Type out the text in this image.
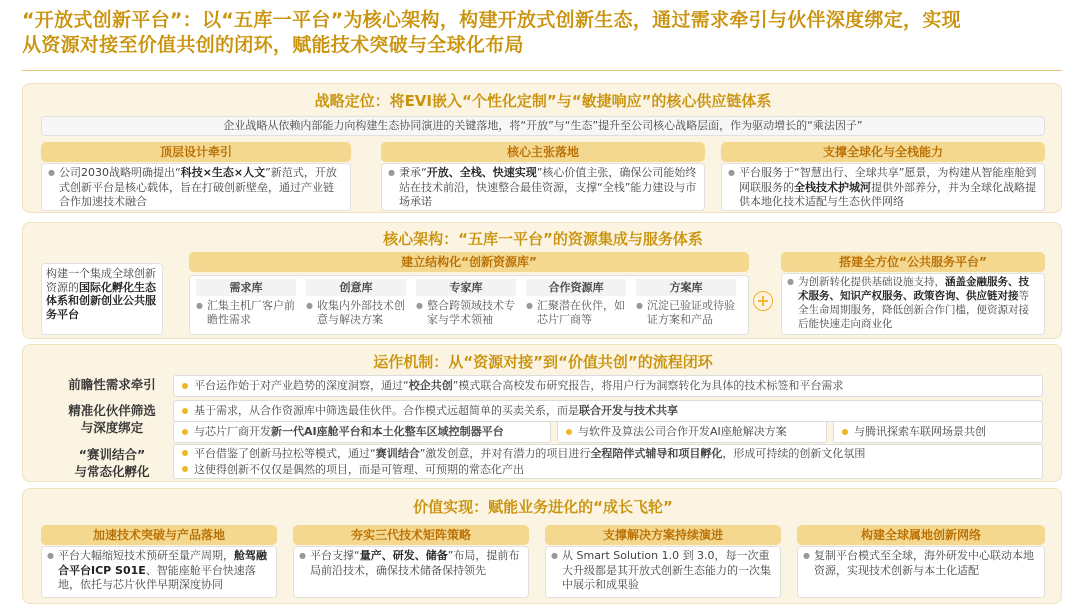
“开放式创新平台”：以“五库一平台”为核心架构，构建开放式创新生态，通过需求牵引与伙伴深度绑定，实现
从资源对接至价值共创的闭环，赋能技术突破与全球化布局
战略定位：将EVI嵌入“个性化定制”与“敏捷响应”的核心供应链体系
企业战略从依赖内部能力向构建生态协同演进的关键落地，将“开放”与“生态”提升至公司核心战略层面，作为驱动增长的“乘法因子”
顶层设计牵引
● 公司2030战略明确提出“科技×生态×人文”新范式，开放式创新平台是核心载体，旨在打破创新壁垒，通过产业链合作加速技术融合
核心主张落地
● 秉承“开放、全栈、快速实现”核心价值主张，确保公司能始终站在技术前沿，快速整合最佳资源，支撑“全栈”能力建设与市场承诺
支撑全球化与全栈能力
● 平台服务于“智慧出行、全球共享”愿景，为构建从智能座舱到网联服务的全栈技术护城河提供外部养分，并为全球化战略提供本地化技术适配与生态伙伴网络
核心架构：“五库一平台”的资源集成与服务体系
构建一个集成全球创新资源的国际化孵化生态体系和创新创业公共服务平台
建立结构化“创新资源库”
需求库
● 汇集主机厂客户前瞻性需求
创意库
● 收集内外部技术创意与解决方案
专家库
● 整合跨领域技术专家与学术领袖
合作资源库
● 汇聚潜在伙伴，如芯片厂商等
方案库
● 沉淀已验证或待验证方案和产品
+
搭建全方位“公共服务平台”
● 为创新转化提供基础设施支持，涵盖金融服务、技术服务、知识产权服务、政策咨询、供应链对接等全生命周期服务，降低创新合作门槛，便资源对接后能快速走向商业化
运作机制：从“资源对接”到“价值共创”的流程闭环
前瞻性需求牵引	平台运作始于对产业趋势的深度洞察，通过“校企共创”模式联合高校发布研究报告，将用户行为洞察转化为具体的技术标签和平台需求
精准化伙伴筛选
与深度绑定
基于需求，从合作资源库中筛选最佳伙伴。合作模式远超简单的买卖关系，而是联合开发与技术共享
与芯片厂商开发新一代AI座舱平台和本土化整车区域控制器平台	与软件及算法公司合作开发AI座舱解决方案	与腾讯探索车联网场景共创
“赛训结合”
与常态化孵化
平台借鉴了创新马拉松等模式，通过“赛训结合”激发创意，并对有潜力的项目进行全程陪伴式辅导和项目孵化，形成可持续的创新文化氛围
这使得创新不仅仅是偶然的项目，而是可管理、可预期的常态化产出
价值实现：赋能业务进化的“成长飞轮”
加速技术突破与产品落地
● 平台大幅缩短技术预研至量产周期，舱驾融合平台ICP S01E、智能座舱平台快速落地，依托与芯片伙伴早期深度协同
夯实三代技术矩阵策略
● 平台支撑“量产、研发、储备”布局，提前布局前沿技术，确保技术储备保持领先
支撑解决方案持续演进
● 从 Smart Solution 1.0 到 3.0，每一次重大升级都是其开放式创新生态能力的一次集中展示和成果验
构建全球属地创新网络
● 复制平台模式至全球，海外研发中心联动本地资源，实现技术创新与本土化适配
